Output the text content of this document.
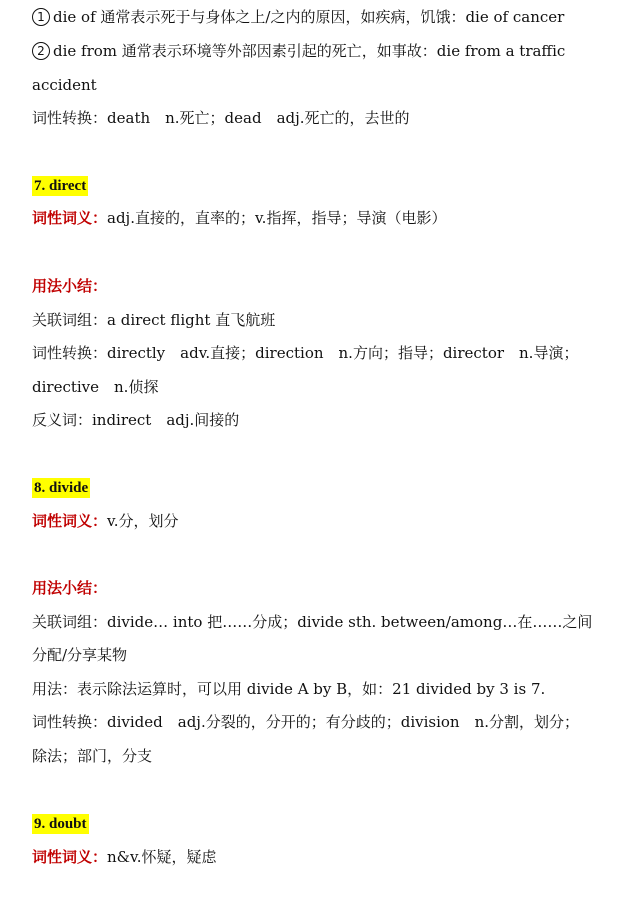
1 die of 通常表示死于与身体之上/之内的原因，如疾病，饥饿：die of cancer
2 die from 通常表示环境等外部因素引起的死亡，如事故：die from a traffic
accident
词性转换：death　n.死亡；dead　adj.死亡的，去世的
7. direct
词性词义：adj.直接的，直率的；v.指挥，指导；导演（电影）
用法小结：
关联词组：a direct flight 直飞航班
词性转换：directly　adv.直接；direction　n.方向；指导；director　n.导演；
directive　n.侦探
反义词：indirect　adj.间接的
8. divide
词性词义：v.分，划分
用法小结：
关联词组：divide… into 把……分成；divide sth. between/among…在……之间
分配/分享某物
用法：表示除法运算时，可以用 divide A by B，如：21 divided by 3 is 7.
词性转换：divided　adj.分裂的，分开的；有分歧的；division　n.分割，划分；
除法；部门，分支
9. doubt
词性词义：n&v.怀疑，疑虑
